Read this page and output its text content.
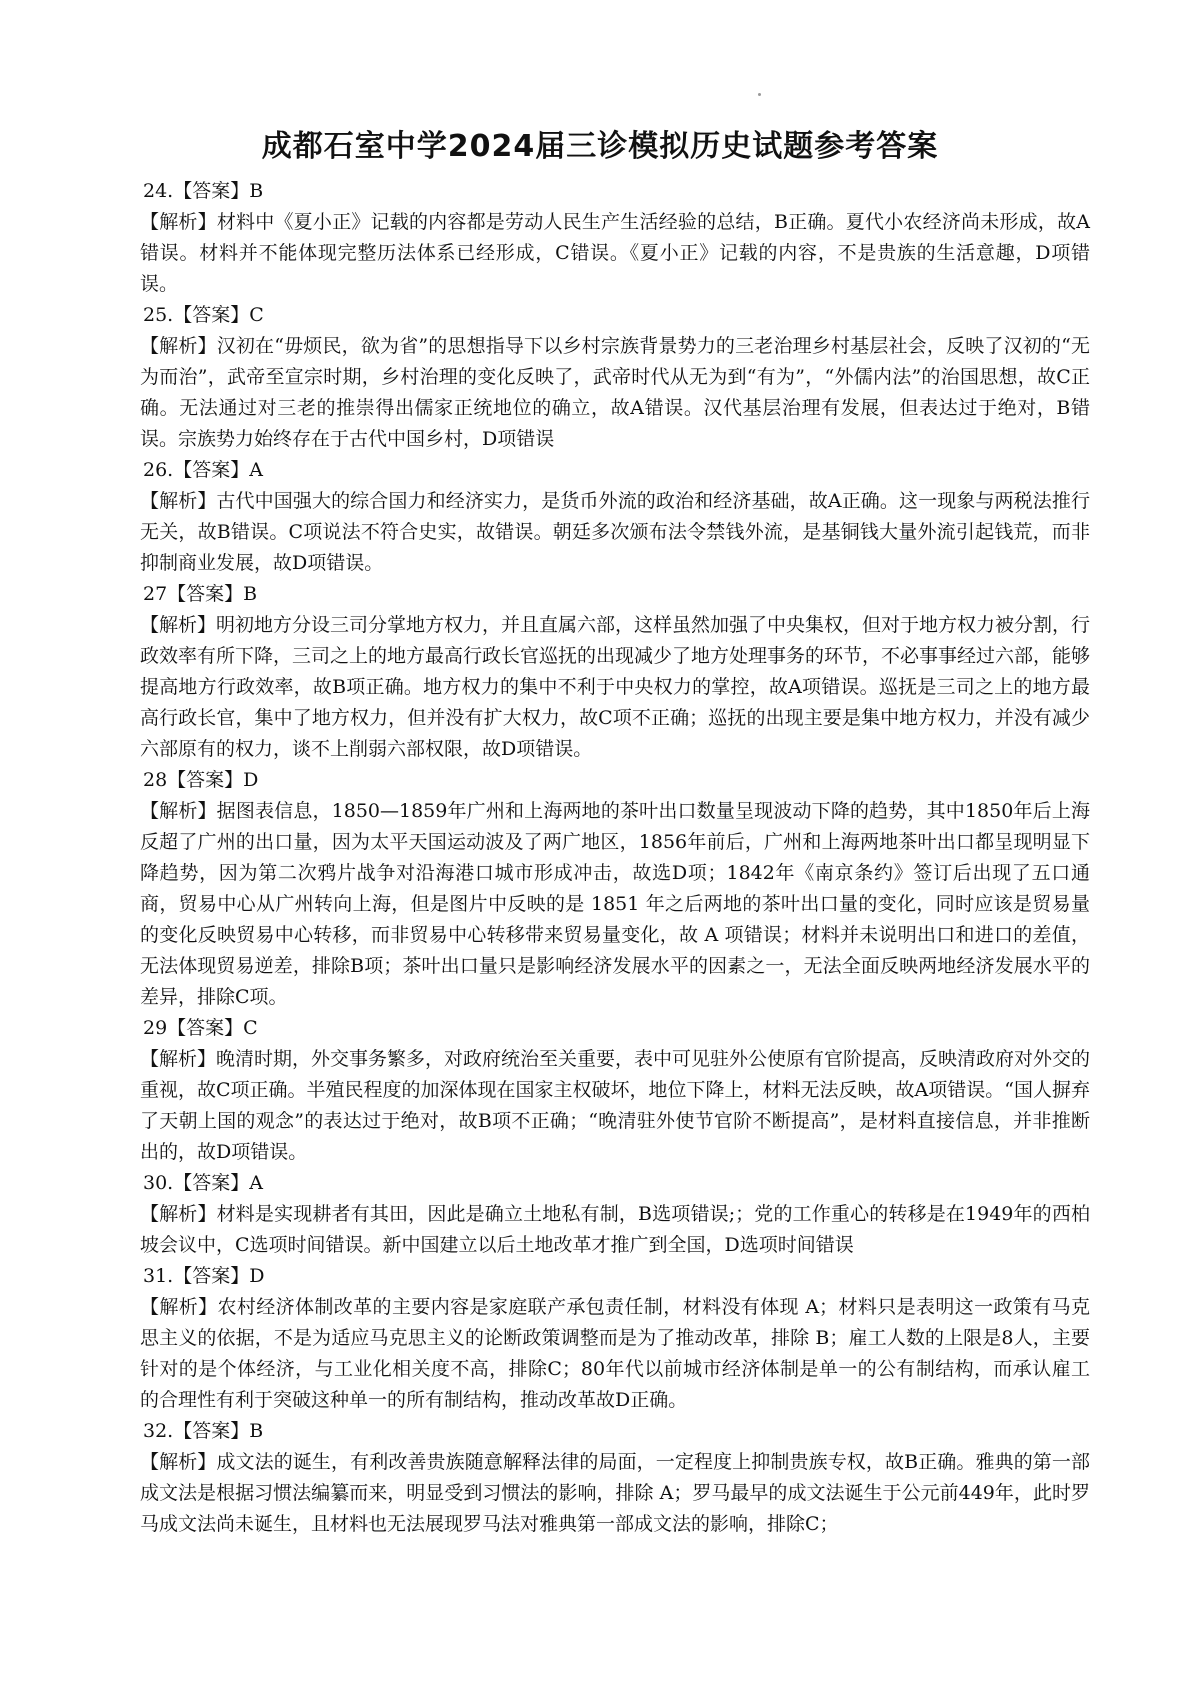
成都石室中学2024届三诊模拟历史试题参考答案
24.【答案】B
【解析】材料中《夏小正》记载的内容都是劳动人民生产生活经验的总结，B正确。夏代小农经济尚未形成，故A错误。材料并不能体现完整历法体系已经形成，C错误。《夏小正》记载的内容，不是贵族的生活意趣，D项错误。
25.【答案】C
【解析】汉初在“毋烦民，欲为省”的思想指导下以乡村宗族背景势力的三老治理乡村基层社会，反映了汉初的“无为而治”，武帝至宣宗时期，乡村治理的变化反映了，武帝时代从无为到“有为”，“外儒内法”的治国思想，故C正确。无法通过对三老的推崇得出儒家正统地位的确立，故A错误。汉代基层治理有发展，但表达过于绝对，B错误。宗族势力始终存在于古代中国乡村，D项错误
26.【答案】A
【解析】古代中国强大的综合国力和经济实力，是货币外流的政治和经济基础，故A正确。这一现象与两税法推行无关，故B错误。C项说法不符合史实，故错误。朝廷多次颁布法令禁钱外流，是基铜钱大量外流引起钱荒，而非抑制商业发展，故D项错误。
27【答案】B
【解析】明初地方分设三司分掌地方权力，并且直属六部，这样虽然加强了中央集权，但对于地方权力被分割，行政效率有所下降，三司之上的地方最高行政长官巡抚的出现减少了地方处理事务的环节，不必事事经过六部，能够提高地方行政效率，故B项正确。地方权力的集中不利于中央权力的掌控，故A项错误。巡抚是三司之上的地方最高行政长官，集中了地方权力，但并没有扩大权力，故C项不正确；巡抚的出现主要是集中地方权力，并没有减少六部原有的权力，谈不上削弱六部权限，故D项错误。
28【答案】D
【解析】据图表信息，1850—1859年广州和上海两地的茶叶出口数量呈现波动下降的趋势，其中1850年后上海反超了广州的出口量，因为太平天国运动波及了两广地区，1856年前后，广州和上海两地茶叶出口都呈现明显下降趋势，因为第二次鸦片战争对沿海港口城市形成冲击，故选D项；1842年《南京条约》签订后出现了五口通商，贸易中心从广州转向上海，但是图片中反映的是 1851 年之后两地的茶叶出口量的变化，同时应该是贸易量的变化反映贸易中心转移，而非贸易中心转移带来贸易量变化，故 A 项错误；材料并未说明出口和进口的差值，无法体现贸易逆差，排除B项；茶叶出口量只是影响经济发展水平的因素之一，无法全面反映两地经济发展水平的差异，排除C项。
29【答案】C
【解析】晚清时期，外交事务繁多，对政府统治至关重要，表中可见驻外公使原有官阶提高，反映清政府对外交的重视，故C项正确。半殖民程度的加深体现在国家主权破坏，地位下降上，材料无法反映，故A项错误。“国人摒弃了天朝上国的观念”的表达过于绝对，故B项不正确；“晚清驻外使节官阶不断提高”，是材料直接信息，并非推断出的，故D项错误。
30.【答案】A
【解析】材料是实现耕者有其田，因此是确立土地私有制，B选项错误;；党的工作重心的转移是在1949年的西柏坡会议中，C选项时间错误。新中国建立以后土地改革才推广到全国，D选项时间错误
31.【答案】D
【解析】农村经济体制改革的主要内容是家庭联产承包责任制，材料没有体现 A；材料只是表明这一政策有马克思主义的依据，不是为适应马克思主义的论断政策调整而是为了推动改革，排除 B；雇工人数的上限是8人，主要针对的是个体经济，与工业化相关度不高，排除C；80年代以前城市经济体制是单一的公有制结构，而承认雇工的合理性有利于突破这种单一的所有制结构，推动改革故D正确。
32.【答案】B
【解析】成文法的诞生，有利改善贵族随意解释法律的局面，一定程度上抑制贵族专权，故B正确。雅典的第一部成文法是根据习惯法编纂而来，明显受到习惯法的影响，排除 A；罗马最早的成文法诞生于公元前449年，此时罗马成文法尚未诞生，且材料也无法展现罗马法对雅典第一部成文法的影响，排除C；
